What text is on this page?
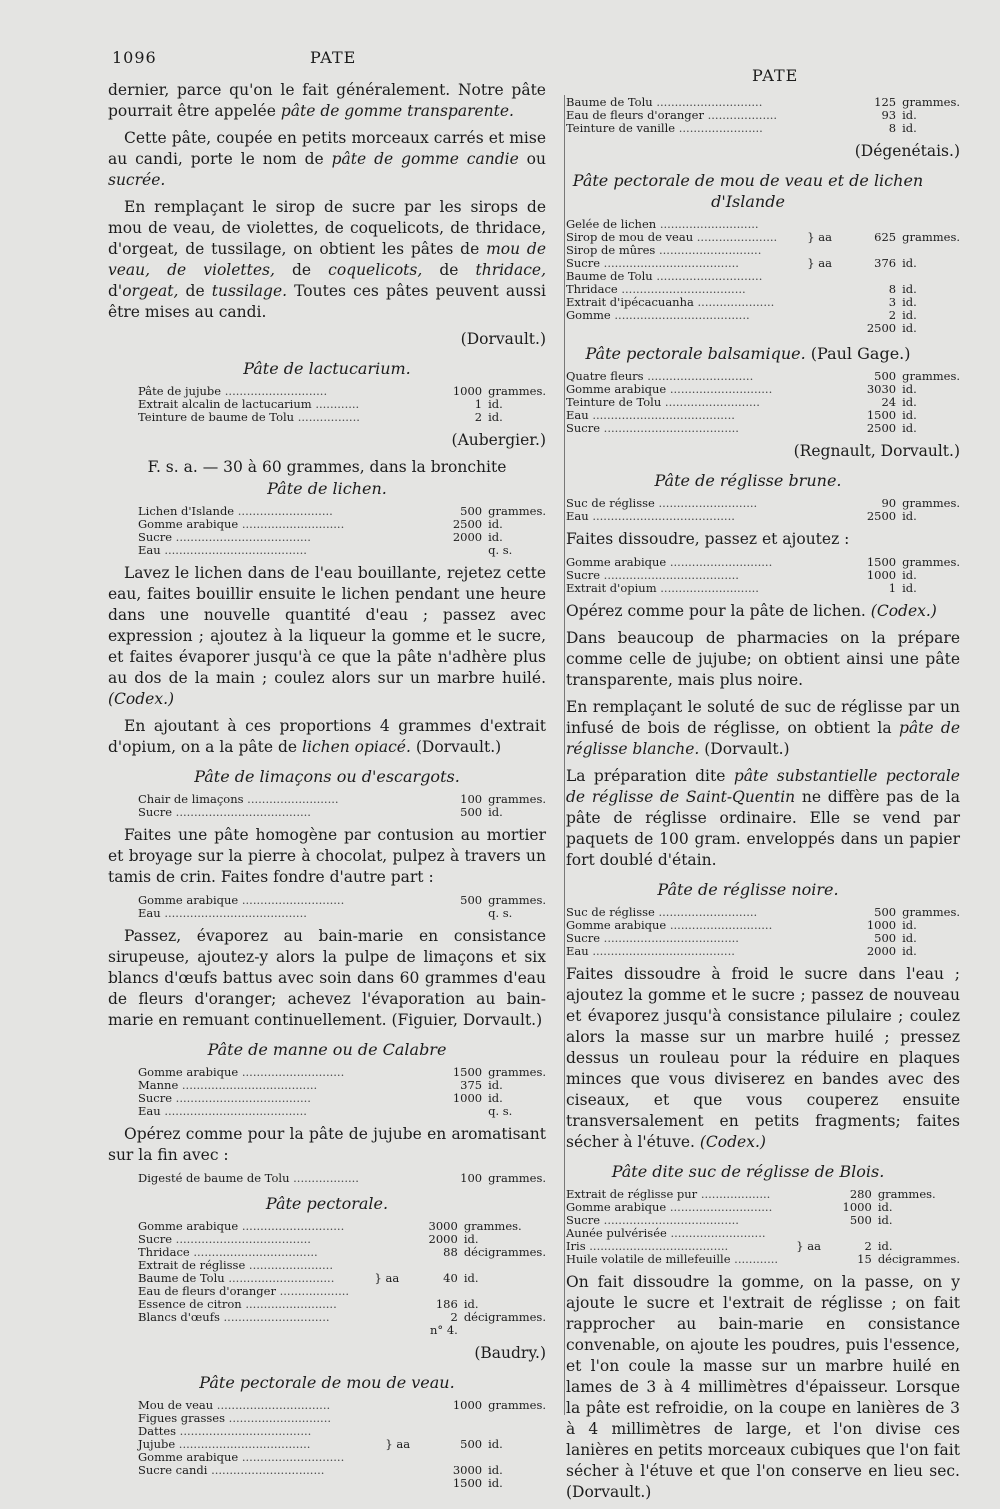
1096	PATE
PATE

dernier, parce qu'on le fait généralement. Notre pâte pourrait être appelée pâte de gomme transparente.

Cette pâte, coupée en petits morceaux carrés et mise au candi, porte le nom de pâte de gomme candie ou sucrée.

En remplaçant le sirop de sucre par les sirops de mou de veau, de violettes, de coquelicots, de thridace, d'orgeat, de tussilage, on obtient les pâtes de mou de veau, de violettes, de coquelicots, de thridace, d'orgeat, de tussilage. Toutes ces pâtes peuvent aussi être mises au candi.

(Dorvault.)
Pâte de lactucarium.
Pâte de jujube ............................		1000	grammes.
Extrait alcalin de lactucarium ............		1	id.
Teinture de baume de Tolu .................		2	id.
(Aubergier.)

F. s. a. — 30 à 60 grammes, dans la bronchite

Pâte de lichen.
Lichen d'Islande ..........................		500	grammes.
Gomme arabique ............................		2500	id.
Sucre .....................................		2000	id.
Eau .......................................			q. s.

Lavez le lichen dans de l'eau bouillante, rejetez cette eau, faites bouillir ensuite le lichen pendant une heure dans une nouvelle quantité d'eau ; passez avec expression ; ajoutez à la liqueur la gomme et le sucre, et faites évaporer jusqu'à ce que la pâte n'adhère plus au dos de la main ; coulez alors sur un marbre huilé. (Codex.)

En ajoutant à ces proportions 4 grammes d'extrait d'opium, on a la pâte de lichen opiacé. (Dorvault.)

Pâte de limaçons ou d'escargots.
Chair de limaçons .........................		100	grammes.
Sucre .....................................		500	id.

Faites une pâte homogène par contusion au mortier et broyage sur la pierre à chocolat, pulpez à travers un tamis de crin. Faites fondre d'autre part :

Gomme arabique ............................		500	grammes.
Eau .......................................			q. s.

Passez, évaporez au bain-marie en consistance sirupeuse, ajoutez-y alors la pulpe de limaçons et six blancs d'œufs battus avec soin dans 60 grammes d'eau de fleurs d'oranger; achevez l'évaporation au bain-marie en remuant continuellement. (Figuier, Dorvault.)

Pâte de manne ou de Calabre
Gomme arabique ............................		1500	grammes.
Manne .....................................		375	id.
Sucre .....................................		1000	id.
Eau .......................................			q. s.

Opérez comme pour la pâte de jujube en aromatisant sur la fin avec :

Digesté de baume de Tolu ..................		100	grammes.
Pâte pectorale.
Gomme arabique ............................		3000	grammes.
Sucre .....................................		2000	id.
Thridace ..................................		88	décigrammes.
Extrait de réglisse .......................			
Baume de Tolu .............................	} aa	40	id.
Eau de fleurs d'oranger ...................			
Essence de citron .........................		186	id.
Blancs d'œufs .............................		2	décigrammes.
		n° 4.	
(Baudry.)
Pâte pectorale de mou de veau.
Mou de veau ...............................		1000	grammes.
Figues grasses ............................			
Dattes ....................................			
Jujube ....................................	} aa	500	id.
Gomme arabique ............................			
Sucre candi ...............................		3000	id.
		1500	id.
Baume de Tolu .............................		125	grammes.
Eau de fleurs d'oranger ...................		93	id.
Teinture de vanille .......................		8	id.
(Dégenétais.)
Pâte pectorale de mou de veau et de lichen d'Islande
Gelée de lichen ...........................			
Sirop de mou de veau ......................	} aa	625	grammes.
Sirop de mûres ............................			
Sucre .....................................	} aa	376	id.
Baume de Tolu .............................			
Thridace ..................................		8	id.
Extrait d'ipécacuanha .....................		3	id.
Gomme .....................................		2	id.
		2500	id.
Pâte pectorale balsamique. (Paul Gage.)
Quatre fleurs .............................		500	grammes.
Gomme arabique ............................		3030	id.
Teinture de Tolu ..........................		24	id.
Eau .......................................		1500	id.
Sucre .....................................		2500	id.
(Regnault, Dorvault.)
Pâte de réglisse brune.
Suc de réglisse ...........................		90	grammes.
Eau .......................................		2500	id.

Faites dissoudre, passez et ajoutez :

Gomme arabique ............................		1500	grammes.
Sucre .....................................		1000	id.
Extrait d'opium ...........................		1	id.

Opérez comme pour la pâte de lichen. (Codex.)

Dans beaucoup de pharmacies on la prépare comme celle de jujube; on obtient ainsi une pâte transparente, mais plus noire.

En remplaçant le soluté de suc de réglisse par un infusé de bois de réglisse, on obtient la pâte de réglisse blanche. (Dorvault.)

La préparation dite pâte substantielle pectorale de réglisse de Saint-Quentin ne diffère pas de la pâte de réglisse ordinaire. Elle se vend par paquets de 100 gram. enveloppés dans un papier fort doublé d'étain.

Pâte de réglisse noire.
Suc de réglisse ...........................		500	grammes.
Gomme arabique ............................		1000	id.
Sucre .....................................		500	id.
Eau .......................................		2000	id.

Faites dissoudre à froid le sucre dans l'eau ; ajoutez la gomme et le sucre ; passez de nouveau et évaporez jusqu'à consistance pilulaire ; coulez alors la masse sur un marbre huilé ; pressez dessus un rouleau pour la réduire en plaques minces que vous diviserez en bandes avec des ciseaux, et que vous couperez ensuite transversalement en petits fragments; faites sécher à l'étuve. (Codex.)

Pâte dite suc de réglisse de Blois.
Extrait de réglisse pur ...................		280	grammes.
Gomme arabique ............................		1000	id.
Sucre .....................................		500	id.
Aunée pulvérisée ..........................			
Iris ......................................	} aa	2	id.
Huile volatile de millefeuille ............		15	décigrammes.

On fait dissoudre la gomme, on la passe, on y ajoute le sucre et l'extrait de réglisse ; on fait rapprocher au bain-marie en consistance convenable, on ajoute les poudres, puis l'essence, et l'on coule la masse sur un marbre huilé en lames de 3 à 4 millimètres d'épaisseur. Lorsque la pâte est refroidie, on la coupe en lanières de 3 à 4 millimètres de large, et l'on divise ces lanières en petits morceaux cubiques que l'on fait sécher à l'étuve et que l'on conserve en lieu sec. (Dorvault.)
